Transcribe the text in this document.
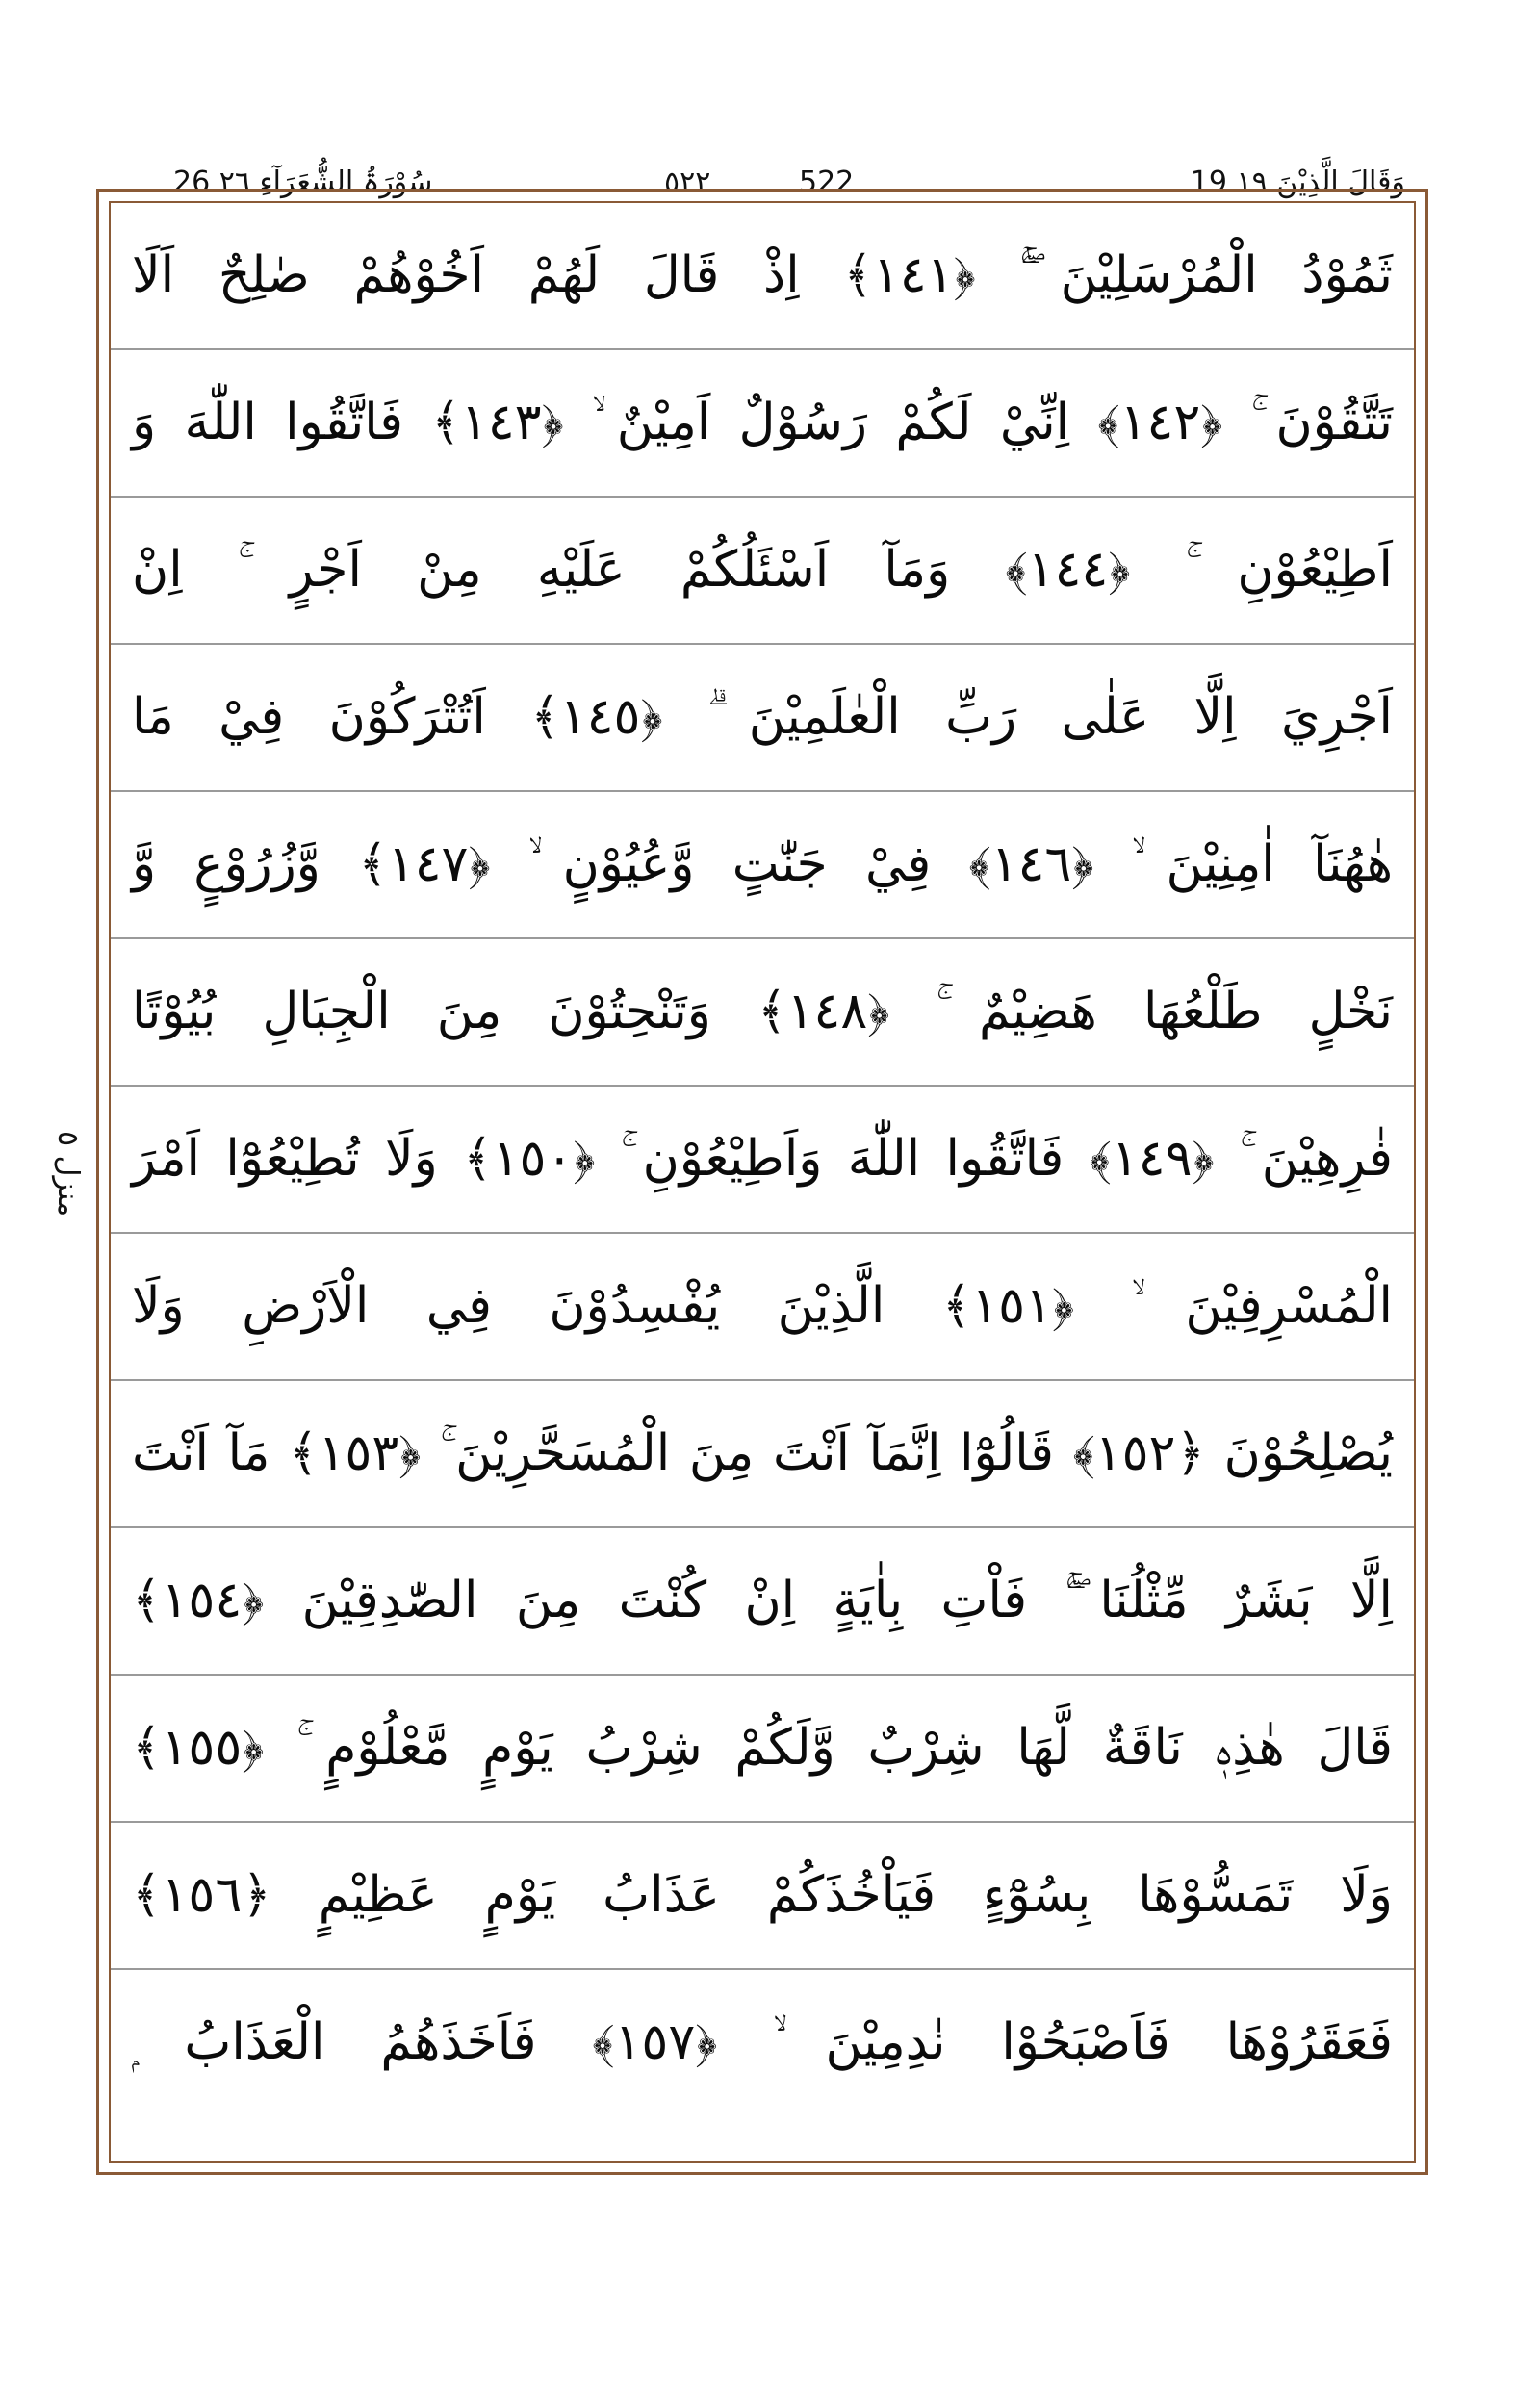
سُوْرَۃُ الشُّعَرَآءِ ٢٦ 26	٥٢٢	522	19 وَقَالَ الَّذِيْنَ ١٩
منزل ٥
ثَمُوْدُ الْمُرْسَلِيْنَ ۚۖ ﴿١٤١﴾ اِذْ قَالَ لَهُمْ اَخُوْهُمْ صٰلِحٌ اَلَا
تَتَّقُوْنَ ۚ ﴿١٤٢﴾ اِنِّيْ لَكُمْ رَسُوْلٌ اَمِيْنٌ ۙ ﴿١٤٣﴾ فَاتَّقُوا اللّٰهَ وَ
اَطِيْعُوْنِ ۚ ﴿١٤٤﴾ وَمَآ اَسْئَلُكُمْ عَلَيْهِ مِنْ اَجْرٍ ۚ اِنْ
اَجْرِيَ اِلَّا عَلٰى رَبِّ الْعٰلَمِيْنَ ۗ ﴿١٤٥﴾ اَتُتْرَكُوْنَ فِيْ مَا
هٰهُنَآ اٰمِنِيْنَ ۙ ﴿١٤٦﴾ فِيْ جَنّٰتٍ وَّعُيُوْنٍ ۙ ﴿١٤٧﴾ وَّزُرُوْعٍ وَّ
نَخْلٍ طَلْعُهَا هَضِيْمٌ ۚ ﴿١٤٨﴾ وَتَنْحِتُوْنَ مِنَ الْجِبَالِ بُيُوْتًا
فٰرِهِيْنَ ۚ ﴿١٤٩﴾ فَاتَّقُوا اللّٰهَ وَاَطِيْعُوْنِ ۚ ﴿١٥٠﴾ وَلَا تُطِيْعُوْٓا اَمْرَ
الْمُسْرِفِيْنَ ۙ ﴿١٥١﴾ الَّذِيْنَ يُفْسِدُوْنَ فِي الْاَرْضِ وَلَا
يُصْلِحُوْنَ ﴿١٥٢﴾ قَالُوْٓا اِنَّمَآ اَنْتَ مِنَ الْمُسَحَّرِيْنَ ۚ ﴿١٥٣﴾ مَآ اَنْتَ
اِلَّا بَشَرٌ مِّثْلُنَا ۚۖ فَاْتِ بِاٰيَةٍ اِنْ كُنْتَ مِنَ الصّٰدِقِيْنَ ﴿١٥٤﴾
قَالَ هٰذِهٖ نَاقَةٌ لَّهَا شِرْبٌ وَّلَكُمْ شِرْبُ يَوْمٍ مَّعْلُوْمٍ ۚ ﴿١٥٥﴾
وَلَا تَمَسُّوْهَا بِسُوْٓءٍ فَيَاْخُذَكُمْ عَذَابُ يَوْمٍ عَظِيْمٍ ﴿١٥٦﴾
فَعَقَرُوْهَا فَاَصْبَحُوْا نٰدِمِيْنَ ۙ ﴿١٥٧﴾ فَاَخَذَهُمُ الْعَذَابُ ۭ
